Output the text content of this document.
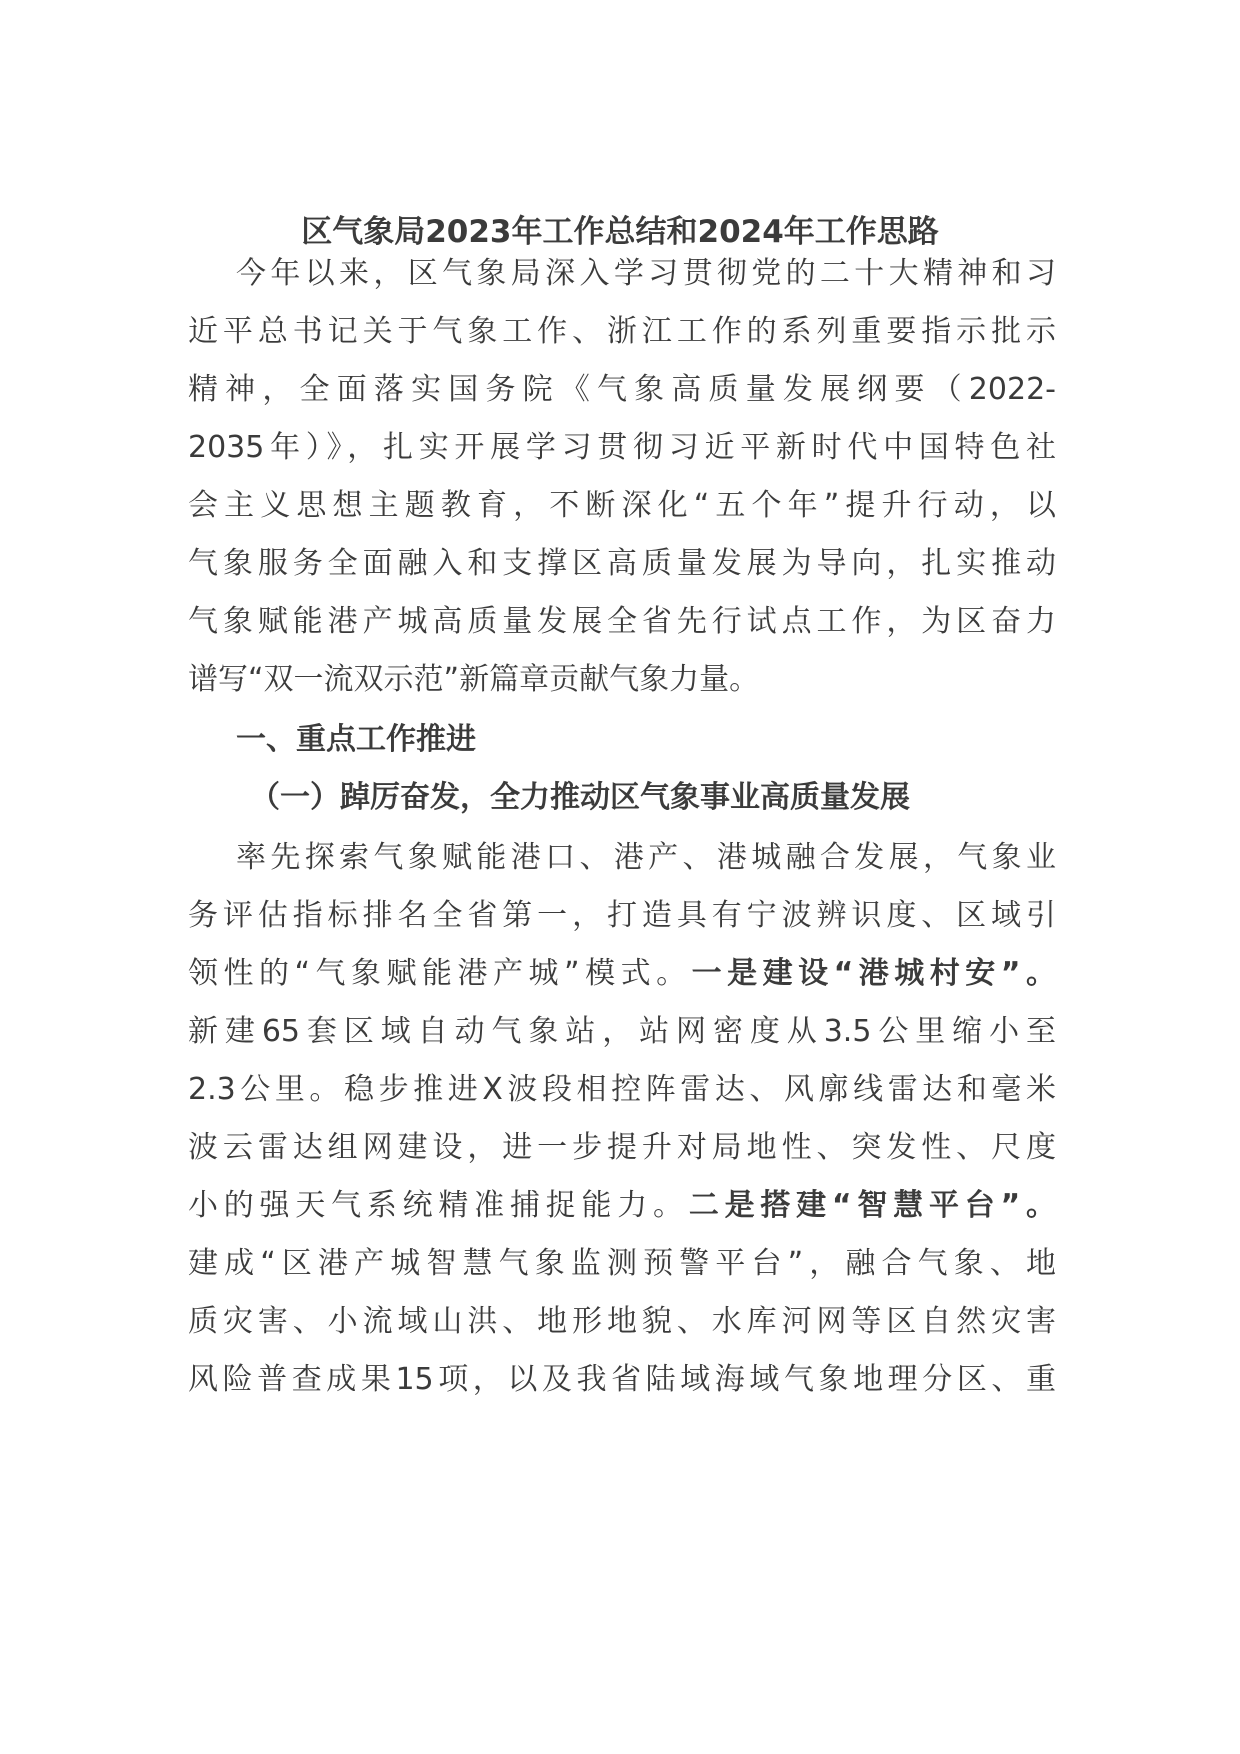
区气象局2023年工作总结和2024年工作思路
今年以来，区气象局深入学习贯彻党的二十大精神和习
近平总书记关于气象工作、浙江工作的系列重要指示批示
精神，全面落实国务院《气象高质量发展纲要（2022-
2035年）》，扎实开展学习贯彻习近平新时代中国特色社
会主义思想主题教育，不断深化“五个年”提升行动，以
气象服务全面融入和支撑区高质量发展为导向，扎实推动
气象赋能港产城高质量发展全省先行试点工作，为区奋力
谱写“双一流双示范”新篇章贡献气象力量。
一、重点工作推进
（一）踔厉奋发，全力推动区气象事业高质量发展
率先探索气象赋能港口、港产、港城融合发展，气象业
务评估指标排名全省第一，打造具有宁波辨识度、区域引
领性的“气象赋能港产城”模式。一是建设“港城村安”。
新建65套区域自动气象站，站网密度从3.5公里缩小至
2.3公里。稳步推进X波段相控阵雷达、风廓线雷达和毫米
波云雷达组网建设，进一步提升对局地性、突发性、尺度
小的强天气系统精准捕捉能力。二是搭建“智慧平台”。
建成“区港产城智慧气象监测预警平台”，融合气象、地
质灾害、小流域山洪、地形地貌、水库河网等区自然灾害
风险普查成果15项，以及我省陆域海域气象地理分区、重
